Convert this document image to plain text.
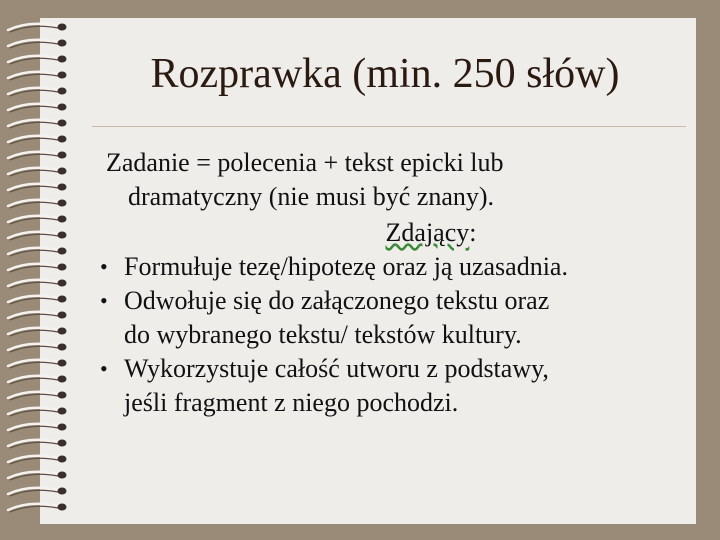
Rozprawka (min. 250 słów)
Zadanie = polecenia + tekst epicki lub
dramatyczny (nie musi być znany).
Zdający:
• Formułuje tezę/hipotezę oraz ją uzasadnia.
• Odwołuje się do załączonego tekstu oraz
do wybranego tekstu/ tekstów kultury.
• Wykorzystuje całość utworu z podstawy,
jeśli fragment z niego pochodzi.
